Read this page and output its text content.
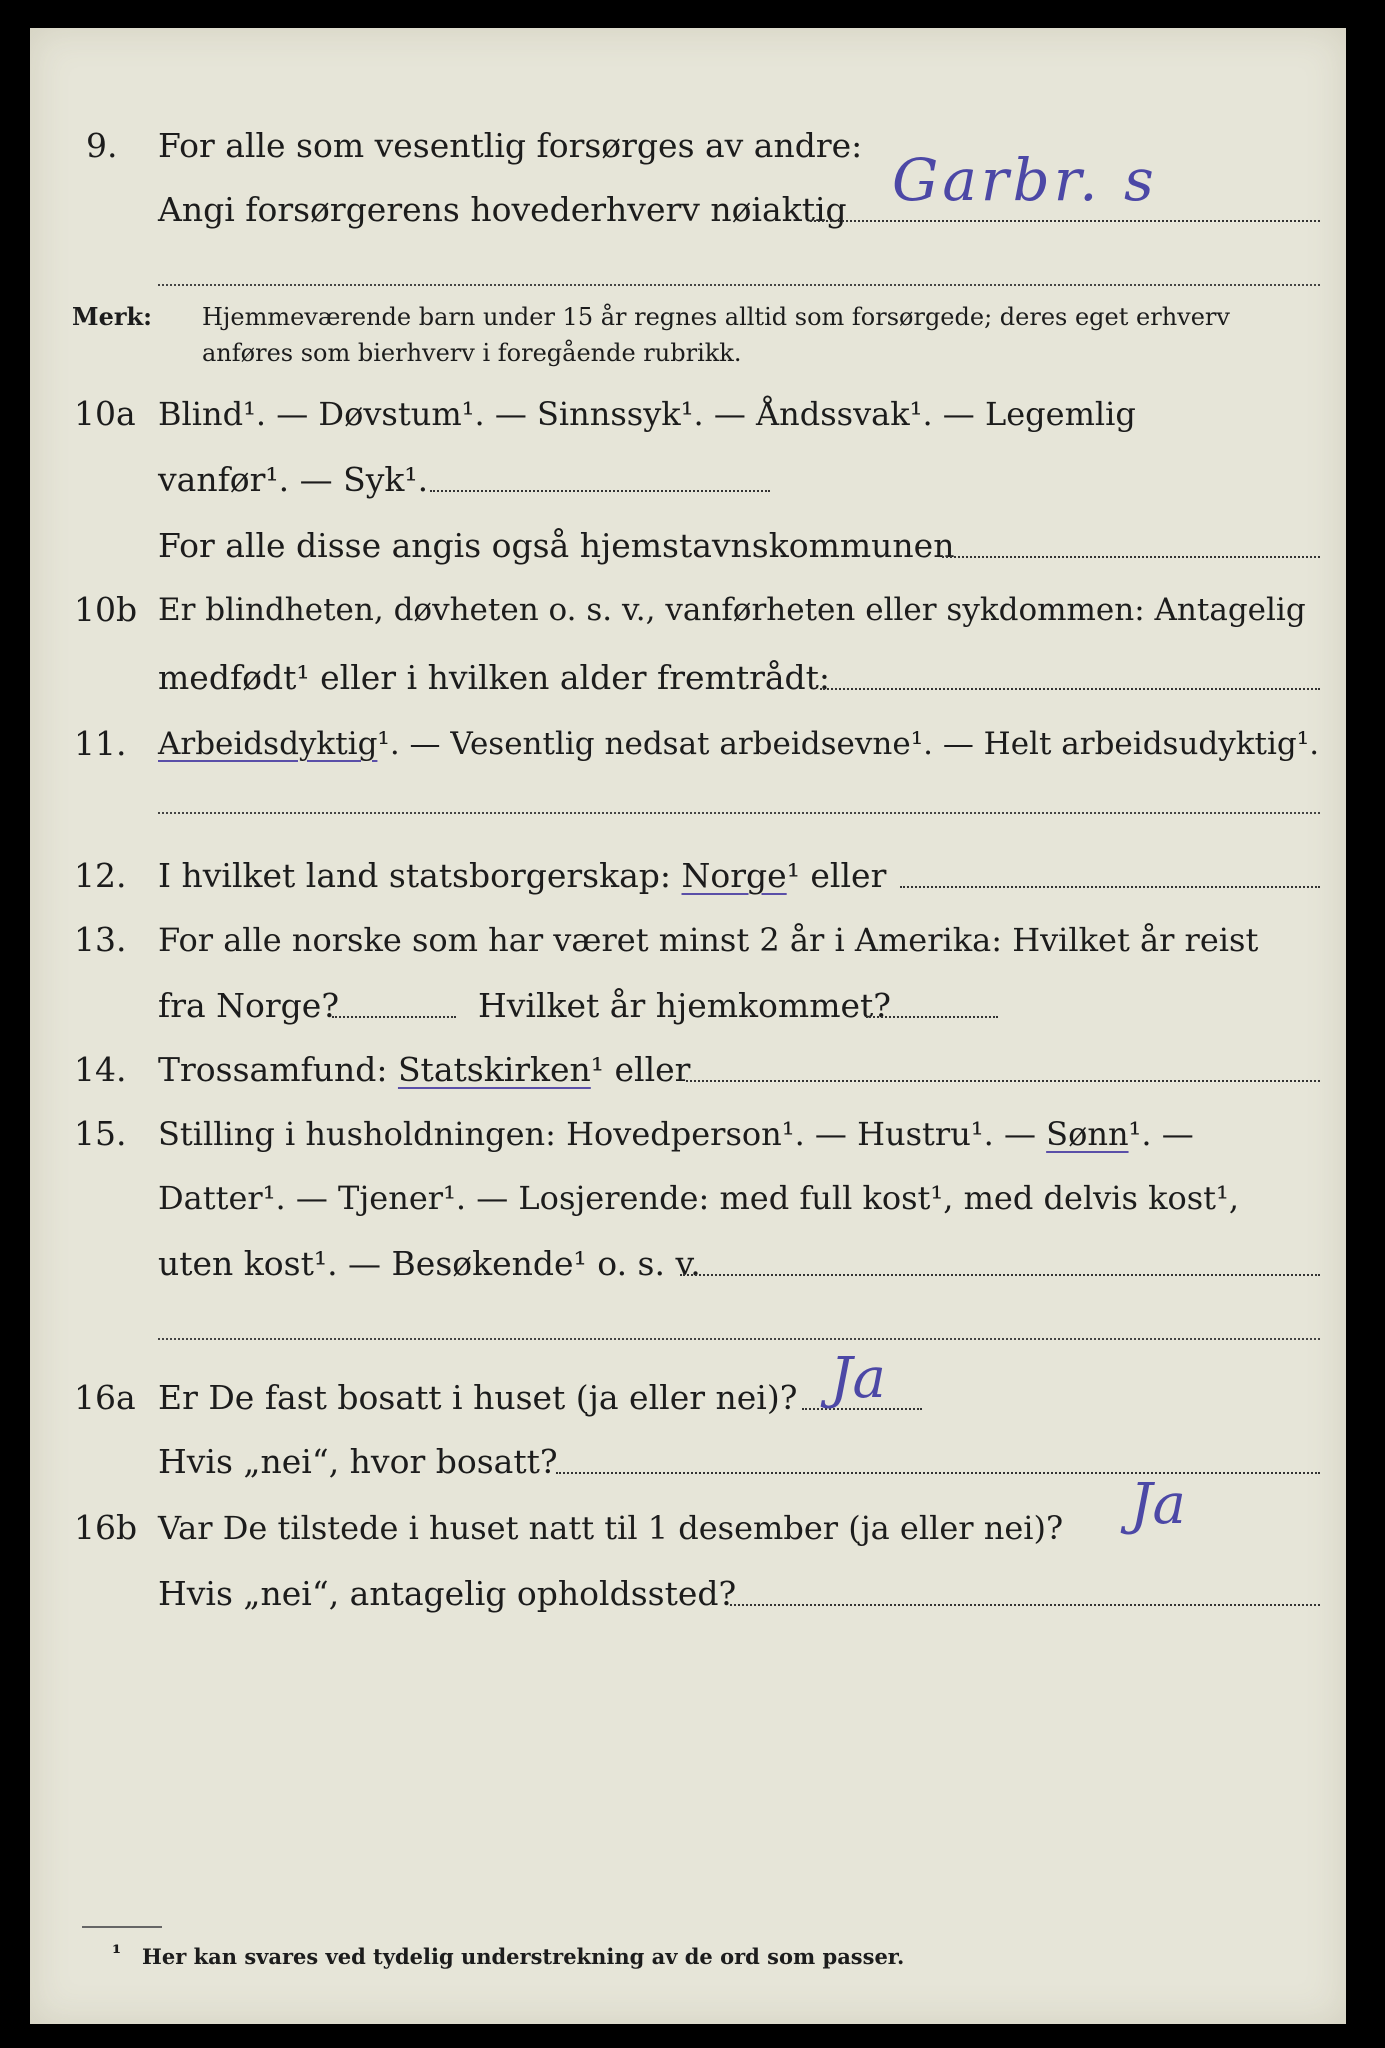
9. For alle som vesentlig forsørges av andre:
Angi forsørgerens hovederhverv nøiaktig Garbr. s
Merk: Hjemmeværende barn under 15 år regnes alltid som forsørgede; deres eget erhverv
anføres som bierhverv i foregående rubrikk.
10a Blind¹. — Døvstum¹. — Sinnssyk¹. — Åndssvak¹. — Legemlig
vanfør¹. — Syk¹.
For alle disse angis også hjemstavnskommunen
10b Er blindheten, døvheten o. s. v., vanførheten eller sykdommen: Antagelig
medfødt¹ eller i hvilken alder fremtrådt:
11. Arbeidsdyktig¹. — Vesentlig nedsat arbeidsevne¹. — Helt arbeidsudyktig¹.
12. I hvilket land statsborgerskap: Norge¹ eller
13. For alle norske som har været minst 2 år i Amerika: Hvilket år reist
fra Norge?	Hvilket år hjemkommet?
14. Trossamfund: Statskirken¹ eller
15. Stilling i husholdningen: Hovedperson¹. — Hustru¹. — Sønn¹. —
Datter¹. — Tjener¹. — Losjerende: med full kost¹, med delvis kost¹,
uten kost¹. — Besøkende¹ o. s. v.
16a Er De fast bosatt i huset (ja eller nei)? Ja
Hvis „nei“, hvor bosatt?
16b Var De tilstede i huset natt til 1 desember (ja eller nei)? Ja
Hvis „nei“, antagelig opholdssted?
¹ Her kan svares ved tydelig understrekning av de ord som passer.
